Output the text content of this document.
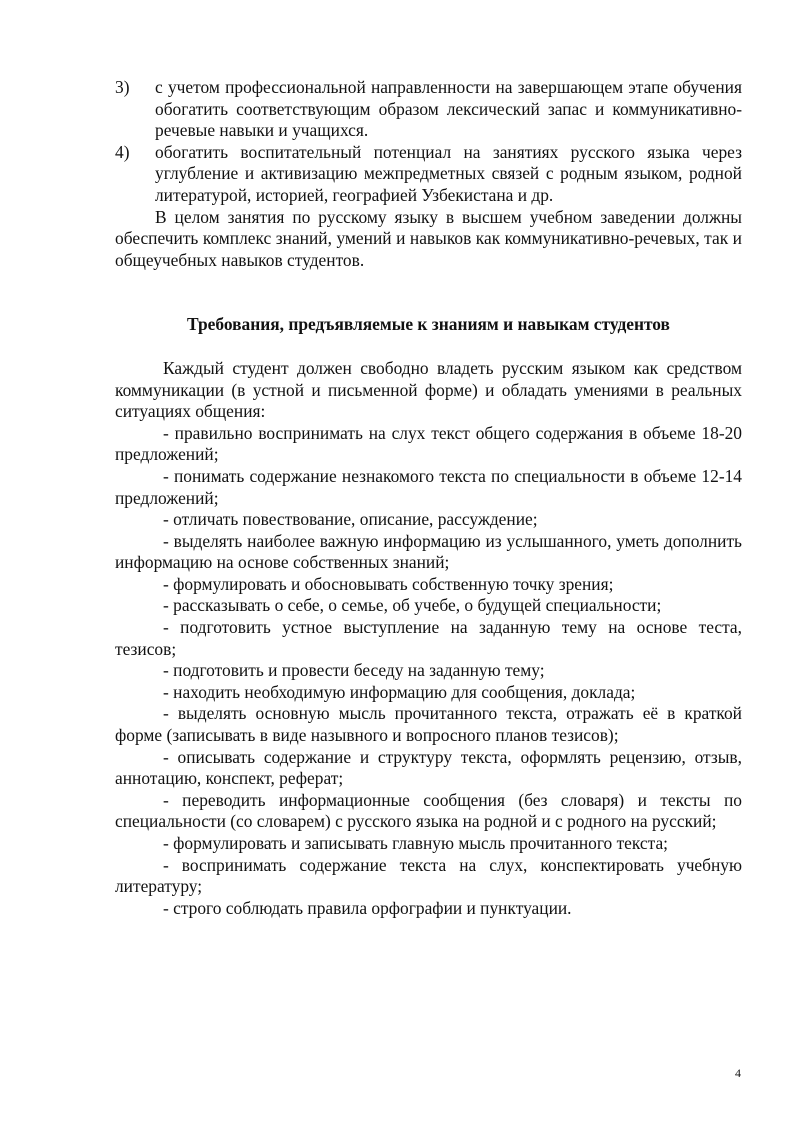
3) с учетом профессиональной направленности на завершающем этапе обучения обогатить соответствующим образом лексический запас и коммуникативно-речевые навыки и учащихся.
4) обогатить воспитательный потенциал на занятиях русского языка через углубление и активизацию межпредметных связей с родным языком, родной литературой, историей, географией Узбекистана и др.

В целом занятия по русскому языку в высшем учебном заведении должны обеспечить комплекс знаний, умений и навыков как коммуникативно-речевых, так и общеучебных навыков студентов.

Требования, предъявляемые к знаниям и навыкам студентов

Каждый студент должен свободно владеть русским языком как средством коммуникации (в устной и письменной форме) и обладать умениями в реальных ситуациях общения:

- правильно воспринимать на слух текст общего содержания в объеме 18-20 предложений;

- понимать содержание незнакомого текста по специальности в объеме 12-14 предложений;

- отличать повествование, описание, рассуждение;

- выделять наиболее важную информацию из услышанного, уметь дополнить информацию на основе собственных знаний;

- формулировать и обосновывать собственную точку зрения;

- рассказывать о себе, о семье, об учебе, о будущей специальности;

- подготовить устное выступление на заданную тему на основе теста, тезисов;

- подготовить и провести беседу на заданную тему;

- находить необходимую информацию для сообщения, доклада;

- выделять основную мысль прочитанного текста, отражать её в краткой форме (записывать в виде назывного и вопросного планов тезисов);

- описывать содержание и структуру текста, оформлять рецензию, отзыв, аннотацию, конспект, реферат;

- переводить информационные сообщения (без словаря) и тексты по специальности (со словарем) с русского языка на родной и с родного на русский;

- формулировать и записывать главную мысль прочитанного текста;

- воспринимать содержание текста на слух, конспектировать учебную литературу;

- строго соблюдать правила орфографии и пунктуации.

4
